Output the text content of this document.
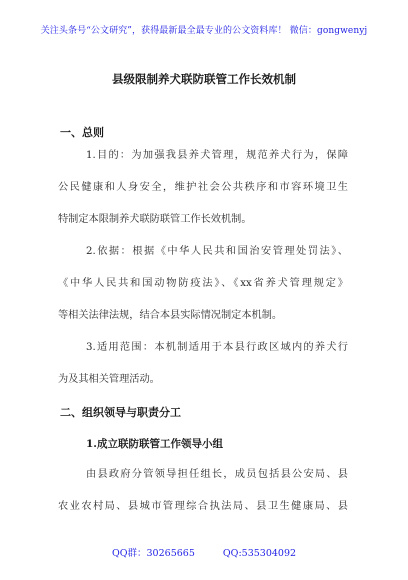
关注头条号“公文研究”，获得最新最全最专业的公文资料库！ 微信：gongwenyj
县级限制养犬联防联管工作长效机制
一、总则
1.目的：为加强我县养犬管理，规范养犬行为，保障
公民健康和人身安全，维护社会公共秩序和市容环境卫生
特制定本限制养犬联防联管工作长效机制。
2.依据：根据《中华人民共和国治安管理处罚法》、
《中华人民共和国动物防疫法》、《xx省养犬管理规定》
等相关法律法规，结合本县实际情况制定本机制。
3.适用范围：本机制适用于本县行政区域内的养犬行
为及其相关管理活动。
二、组织领导与职责分工
1.成立联防联管工作领导小组
由县政府分管领导担任组长，成员包括县公安局、县
农业农村局、县城市管理综合执法局、县卫生健康局、县
QQ群：30265665	QQ:535304092
